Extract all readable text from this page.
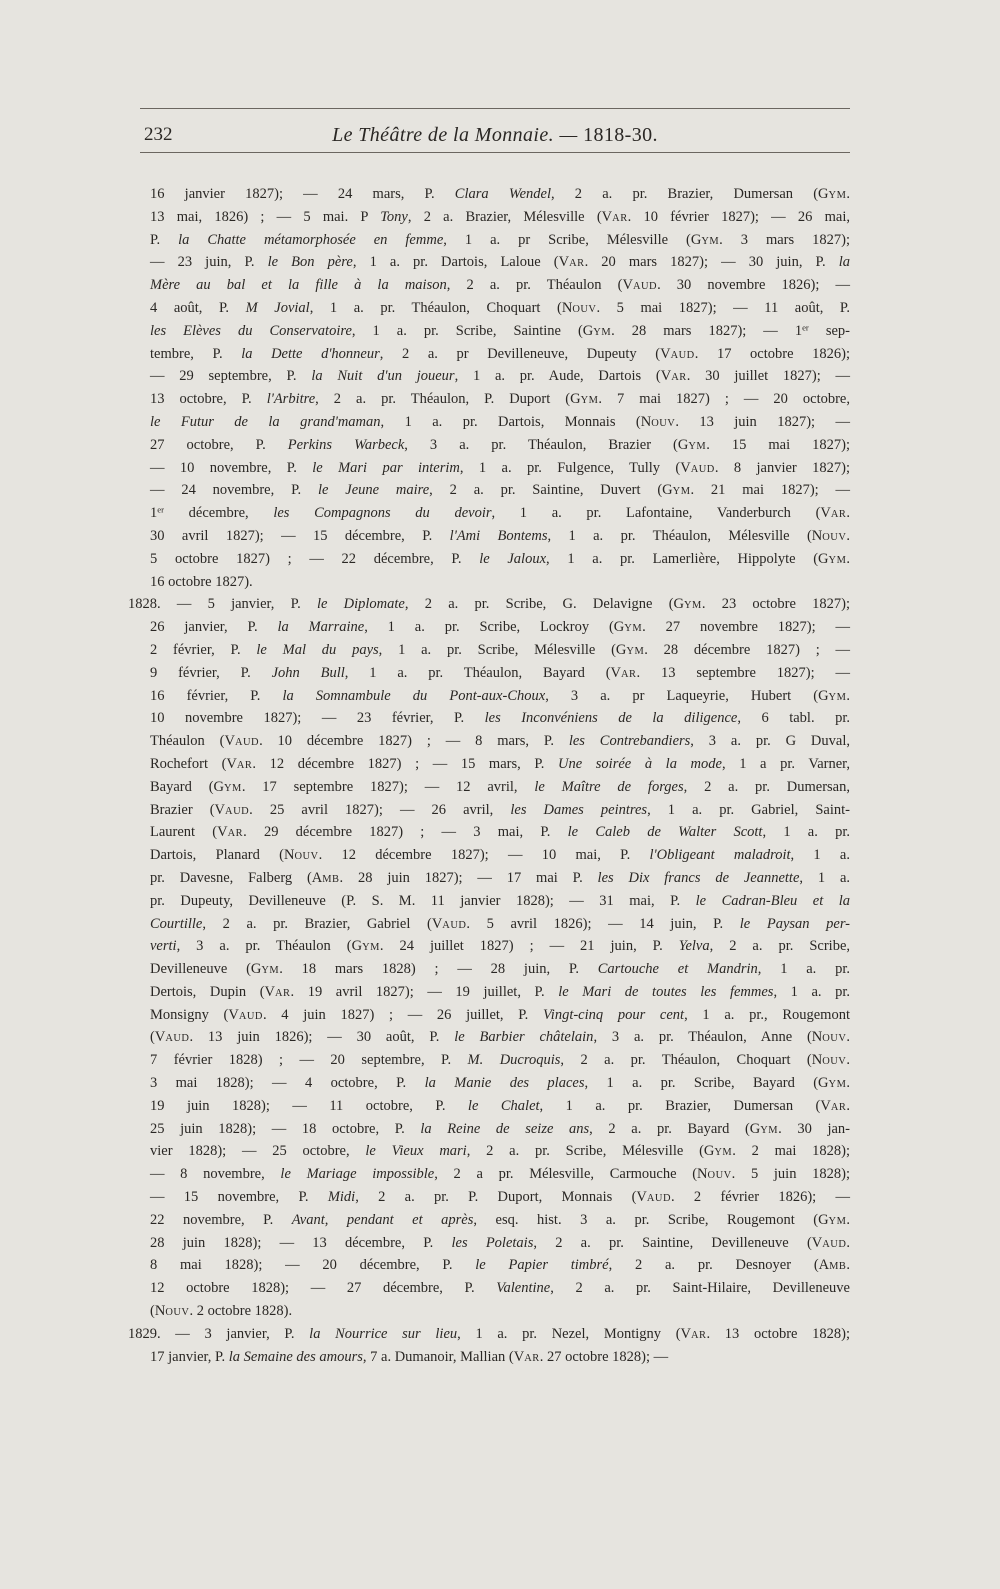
232	Le Théâtre de la Monnaie. — 1818-30.
16 janvier 1827); — 24 mars, P. Clara Wendel, 2 a. pr. Brazier, Dumersan (GYM.
13 mai, 1826) ; — 5 mai. P Tony, 2 a. Brazier, Mélesville (VAR. 10 février 1827); — 26 mai,
P. la Chatte métamorphosée en femme, 1 a. pr Scribe, Mélesville (GYM. 3 mars 1827);
— 23 juin, P. le Bon père, 1 a. pr. Dartois, Laloue (VAR. 20 mars 1827); — 30 juin, P. la
Mère au bal et la fille à la maison, 2 a. pr. Théaulon (VAUD. 30 novembre 1826); —
4 août, P. M Jovial, 1 a. pr. Théaulon, Choquart (NOUV. 5 mai 1827); — 11 août, P.
les Elèves du Conservatoire, 1 a. pr. Scribe, Saintine (GYM. 28 mars 1827); — 1er sep-
tembre, P. la Dette d'honneur, 2 a. pr Devilleneuve, Dupeuty (VAUD. 17 octobre 1826);
— 29 septembre, P. la Nuit d'un joueur, 1 a. pr. Aude, Dartois (VAR. 30 juillet 1827); —
13 octobre, P. l'Arbitre, 2 a. pr. Théaulon, P. Duport (GYM. 7 mai 1827) ; — 20 octobre,
le Futur de la grand'maman, 1 a. pr. Dartois, Monnais (NOUV. 13 juin 1827); —
27 octobre, P. Perkins Warbeck, 3 a. pr. Théaulon, Brazier (GYM. 15 mai 1827);
— 10 novembre, P. le Mari par interim, 1 a. pr. Fulgence, Tully (VAUD. 8 janvier 1827);
— 24 novembre, P. le Jeune maire, 2 a. pr. Saintine, Duvert (GYM. 21 mai 1827); —
1er décembre, les Compagnons du devoir, 1 a. pr. Lafontaine, Vanderburch (VAR.
30 avril 1827); — 15 décembre, P. l'Ami Bontems, 1 a. pr. Théaulon, Mélesville (NOUV.
5 octobre 1827) ; — 22 décembre, P. le Jaloux, 1 a. pr. Lamerlière, Hippolyte (GYM.
16 octobre 1827).
1828. — 5 janvier, P. le Diplomate, 2 a. pr. Scribe, G. Delavigne (GYM. 23 octobre 1827);
26 janvier, P. la Marraine, 1 a. pr. Scribe, Lockroy (GYM. 27 novembre 1827); —
2 février, P. le Mal du pays, 1 a. pr. Scribe, Mélesville (GYM. 28 décembre 1827) ; —
9 février, P. John Bull, 1 a. pr. Théaulon, Bayard (VAR. 13 septembre 1827); —
16 février, P. la Somnambule du Pont-aux-Choux, 3 a. pr Laqueyrie, Hubert (GYM.
10 novembre 1827); — 23 février, P. les Inconvéniens de la diligence, 6 tabl. pr.
Théaulon (VAUD. 10 décembre 1827) ; — 8 mars, P. les Contrebandiers, 3 a. pr. G Duval,
Rochefort (VAR. 12 décembre 1827) ; — 15 mars, P. Une soirée à la mode, 1 a pr. Varner,
Bayard (GYM. 17 septembre 1827); — 12 avril, le Maître de forges, 2 a. pr. Dumersan,
Brazier (VAUD. 25 avril 1827); — 26 avril, les Dames peintres, 1 a. pr. Gabriel, Saint-
Laurent (VAR. 29 décembre 1827) ; — 3 mai, P. le Caleb de Walter Scott, 1 a. pr.
Dartois, Planard (NOUV. 12 décembre 1827); — 10 mai, P. l'Obligeant maladroit, 1 a.
pr. Davesne, Falberg (AMB. 28 juin 1827); — 17 mai P. les Dix francs de Jeannette, 1 a.
pr. Dupeuty, Devilleneuve (P. S. M. 11 janvier 1828); — 31 mai, P. le Cadran-Bleu et la
Courtille, 2 a. pr. Brazier, Gabriel (VAUD. 5 avril 1826); — 14 juin, P. le Paysan per-
verti, 3 a. pr. Théaulon (GYM. 24 juillet 1827) ; — 21 juin, P. Yelva, 2 a. pr. Scribe,
Devilleneuve (GYM. 18 mars 1828) ; — 28 juin, P. Cartouche et Mandrin, 1 a. pr.
Dertois, Dupin (VAR. 19 avril 1827); — 19 juillet, P. le Mari de toutes les femmes, 1 a. pr.
Monsigny (VAUD. 4 juin 1827) ; — 26 juillet, P. Vingt-cinq pour cent, 1 a. pr., Rougemont
(VAUD. 13 juin 1826); — 30 août, P. le Barbier châtelain, 3 a. pr. Théaulon, Anne (NOUV.
7 février 1828) ; — 20 septembre, P. M. Ducroquis, 2 a. pr. Théaulon, Choquart (NOUV.
3 mai 1828); — 4 octobre, P. la Manie des places, 1 a. pr. Scribe, Bayard (GYM.
19 juin 1828); — 11 octobre, P. le Chalet, 1 a. pr. Brazier, Dumersan (VAR.
25 juin 1828); — 18 octobre, P. la Reine de seize ans, 2 a. pr. Bayard (GYM. 30 jan-
vier 1828); — 25 octobre, le Vieux mari, 2 a. pr. Scribe, Mélesville (GYM. 2 mai 1828);
— 8 novembre, le Mariage impossible, 2 a pr. Mélesville, Carmouche (NOUV. 5 juin 1828);
— 15 novembre, P. Midi, 2 a. pr. P. Duport, Monnais (VAUD. 2 février 1826); —
22 novembre, P. Avant, pendant et après, esq. hist. 3 a. pr. Scribe, Rougemont (GYM.
28 juin 1828); — 13 décembre, P. les Poletais, 2 a. pr. Saintine, Devilleneuve (VAUD.
8 mai 1828); — 20 décembre, P. le Papier timbré, 2 a. pr. Desnoyer (AMB.
12 octobre 1828); — 27 décembre, P. Valentine, 2 a. pr. Saint-Hilaire, Devilleneuve
(NOUV. 2 octobre 1828).
1829. — 3 janvier, P. la Nourrice sur lieu, 1 a. pr. Nezel, Montigny (VAR. 13 octobre 1828);
17 janvier, P. la Semaine des amours, 7 a. Dumanoir, Mallian (VAR. 27 octobre 1828); —
